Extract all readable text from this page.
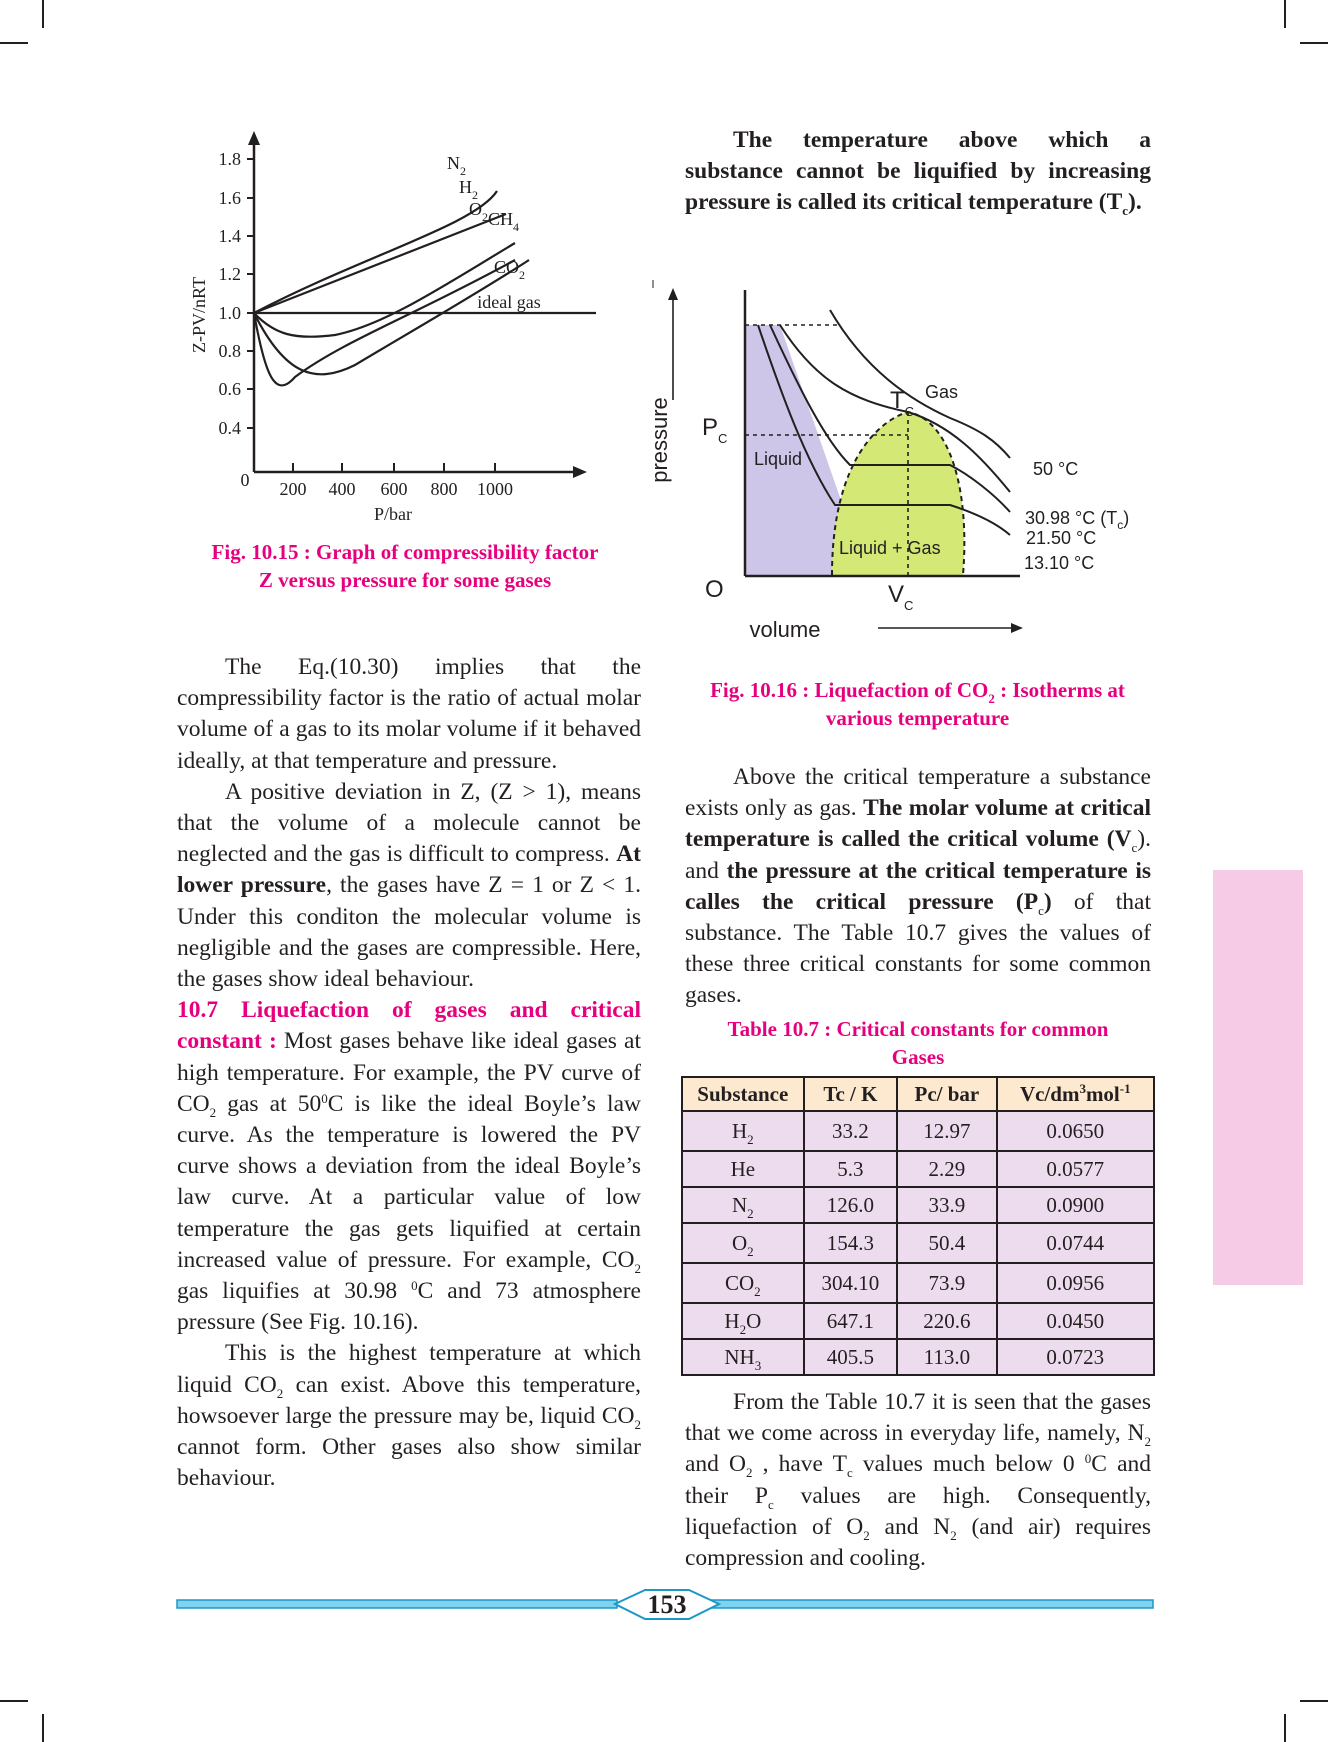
1.8
1.6
1.4
1.2
1.0
0.8
0.6
0.4
0 200 400 600 800 1000
P/bar
Z-PV/nRT
$N_2$
$H_2$
$O_2$ $CH_4$
$CO_2$
ideal gas
Fig. 10.15 : Graph of compressibility factor
Z versus pressure for some gases
pressure
O
volume
$P_C$
$T_C$
$V_C$
Gas
Liquid
Liquid + Gas
50 °C
30.98 °C $(T_c)$
21.50 °C
13.10 °C
Fig. 10.16 : Liquefaction of $CO_2$ : Isotherms at
various temperature

The Eq.(10.30) implies that the compressibility factor is the ratio of actual molar volume of a gas to its molar volume if it behaved ideally, at that temperature and pressure.

A positive deviation in Z, (Z > 1), means that the volume of a molecule cannot be neglected and the gas is difficult to compress. At lower pressure, the gases have Z = 1 or Z < 1. Under this conditon the molecular volume is negligible and the gases are compressible. Here, the gases show ideal behaviour.

10.7 Liquefaction of gases and critical constant : Most gases behave like ideal gases at high temperature. For example, the PV curve of $CO_2$ gas at $50^0C$ is like the ideal Boyle’s law curve. As the temperature is lowered the PV curve shows a deviation from the ideal Boyle’s law curve. At a particular value of low temperature the gas gets liquified at certain increased value of pressure. For example, $CO_2$ gas liquifies at 30.98 $^0$C and 73 atmosphere pressure (See Fig. 10.16).

This is the highest temperature at which liquid $CO_2$ can exist. Above this temperature, howsoever large the pressure may be, liquid $CO_2$ cannot form. Other gases also show similar behaviour.

The temperature above which a substance cannot be liquified by increasing pressure is called its critical temperature $(T_c)$.

Above the critical temperature a substance exists only as gas. The molar volume at critical temperature is called the critical volume $(V_c)$. and the pressure at the critical temperature is calles the critical pressure $(P_c)$ of that substance. The Table 10.7 gives the values of these three critical constants for some common gases.

Table 10.7 : Critical constants for common
Gases
Substance	Tc / K	Pc/ bar	$Vc/dm^3mol^{-1}$
$H_2$	33.2	12.97	0.0650
He	5.3	2.29	0.0577
$N_2$	126.0	33.9	0.0900
$O_2$	154.3	50.4	0.0744
$CO_2$	304.10	73.9	0.0956
$H_2O$	647.1	220.6	0.0450
$NH_3$	405.5	113.0	0.0723

From the Table 10.7 it is seen that the gases that we come across in everyday life, namely, $N_2$ and $O_2$ , have $T_c$ values much below 0 $^0$C and their $P_c$ values are high. Consequently, liquefaction of $O_2$ and $N_2$ (and air) requires compression and cooling.

153
